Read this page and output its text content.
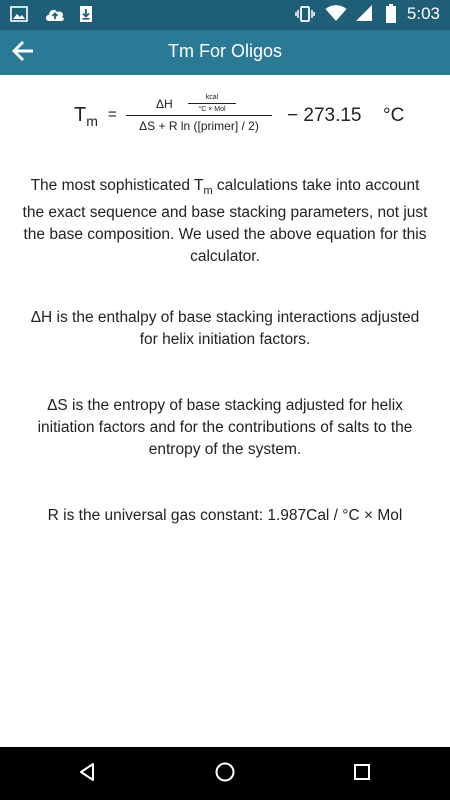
5:03
Tm For Oligos
$T_m$ =
ΔH	kcal
°C × Mol
ΔS + R ln ([primer] / 2)	− 273.15 °C

The most sophisticated $T_m$ calculations take into account the exact sequence and base stacking parameters, not just the base composition. We used the above equation for this calculator.

ΔH is the enthalpy of base stacking interactions adjusted for helix initiation factors.

ΔS is the entropy of base stacking adjusted for helix initiation factors and for the contributions of salts to the entropy of the system.

R is the universal gas constant: 1.987Cal / °C × Mol
